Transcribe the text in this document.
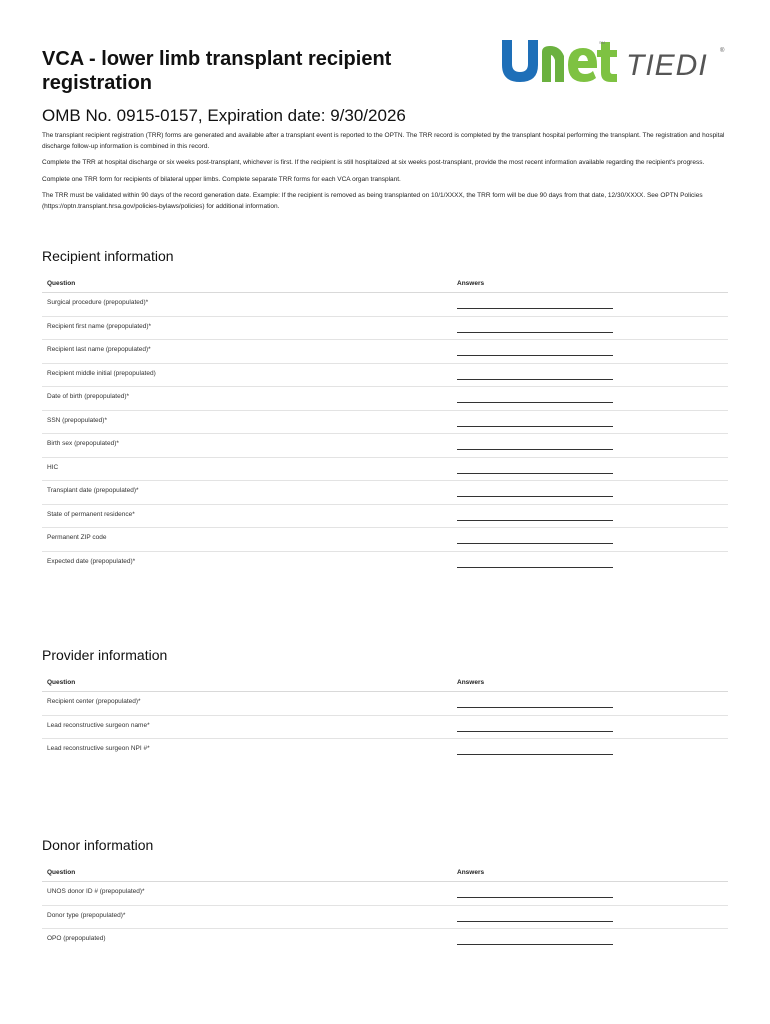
VCA - lower limb transplant recipient registration
SM
TIEDI ®
OMB No. 0915-0157, Expiration date: 9/30/2026

The transplant recipient registration (TRR) forms are generated and available after a transplant event is reported to the OPTN. The TRR record is completed by the transplant hospital performing the transplant. The registration and hospital discharge follow-up information is combined in this record.

Complete the TRR at hospital discharge or six weeks post-transplant, whichever is first. If the recipient is still hospitalized at six weeks post-transplant, provide the most recent information available regarding the recipient's progress.

Complete one TRR form for recipients of bilateral upper limbs. Complete separate TRR forms for each VCA organ transplant.

The TRR must be validated within 90 days of the record generation date. Example: If the recipient is removed as being transplanted on 10/1/XXXX, the TRR form will be due 90 days from that date, 12/30/XXXX. See OPTN Policies (https://optn.transplant.hrsa.gov/policies-bylaws/policies) for additional information.

Recipient information
Question	Answers
Surgical procedure (prepopulated)*
Recipient first name (prepopulated)*
Recipient last name (prepopulated)*
Recipient middle initial (prepopulated)
Date of birth (prepopulated)*
SSN (prepopulated)*
Birth sex (prepopulated)*
HIC
Transplant date (prepopulated)*
State of permanent residence*
Permanent ZIP code
Expected date (prepopulated)*
Provider information
Question	Answers
Recipient center (prepopulated)*
Lead reconstructive surgeon name*
Lead reconstructive surgeon NPI #*
Donor information
Question	Answers
UNOS donor ID # (prepopulated)*
Donor type (prepopulated)*
OPO (prepopulated)
